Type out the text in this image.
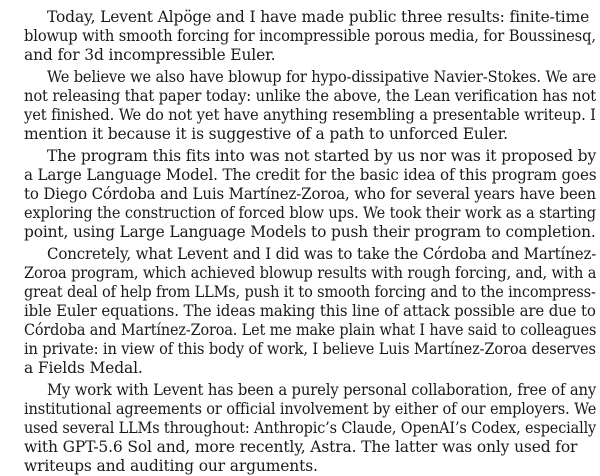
Today, Levent Alpöge and I have made public three results: finite-time
blowup with smooth forcing for incompressible porous media, for Boussinesq,
and for 3d incompressible Euler.
We believe we also have blowup for hypo-dissipative Navier-Stokes. We are
not releasing that paper today: unlike the above, the Lean verification has not
yet finished. We do not yet have anything resembling a presentable writeup. I
mention it because it is suggestive of a path to unforced Euler.
The program this fits into was not started by us nor was it proposed by
a Large Language Model. The credit for the basic idea of this program goes
to Diego Córdoba and Luis Martínez-Zoroa, who for several years have been
exploring the construction of forced blow ups. We took their work as a starting
point, using Large Language Models to push their program to completion.
Concretely, what Levent and I did was to take the Córdoba and Martínez-
Zoroa program, which achieved blowup results with rough forcing, and, with a
great deal of help from LLMs, push it to smooth forcing and to the incompress-
ible Euler equations. The ideas making this line of attack possible are due to
Córdoba and Martínez-Zoroa. Let me make plain what I have said to colleagues
in private: in view of this body of work, I believe Luis Martínez-Zoroa deserves
a Fields Medal.
My work with Levent has been a purely personal collaboration, free of any
institutional agreements or official involvement by either of our employers. We
used several LLMs throughout: Anthropic’s Claude, OpenAI’s Codex, especially
with GPT-5.6 Sol and, more recently, Astra. The latter was only used for
writeups and auditing our arguments.
